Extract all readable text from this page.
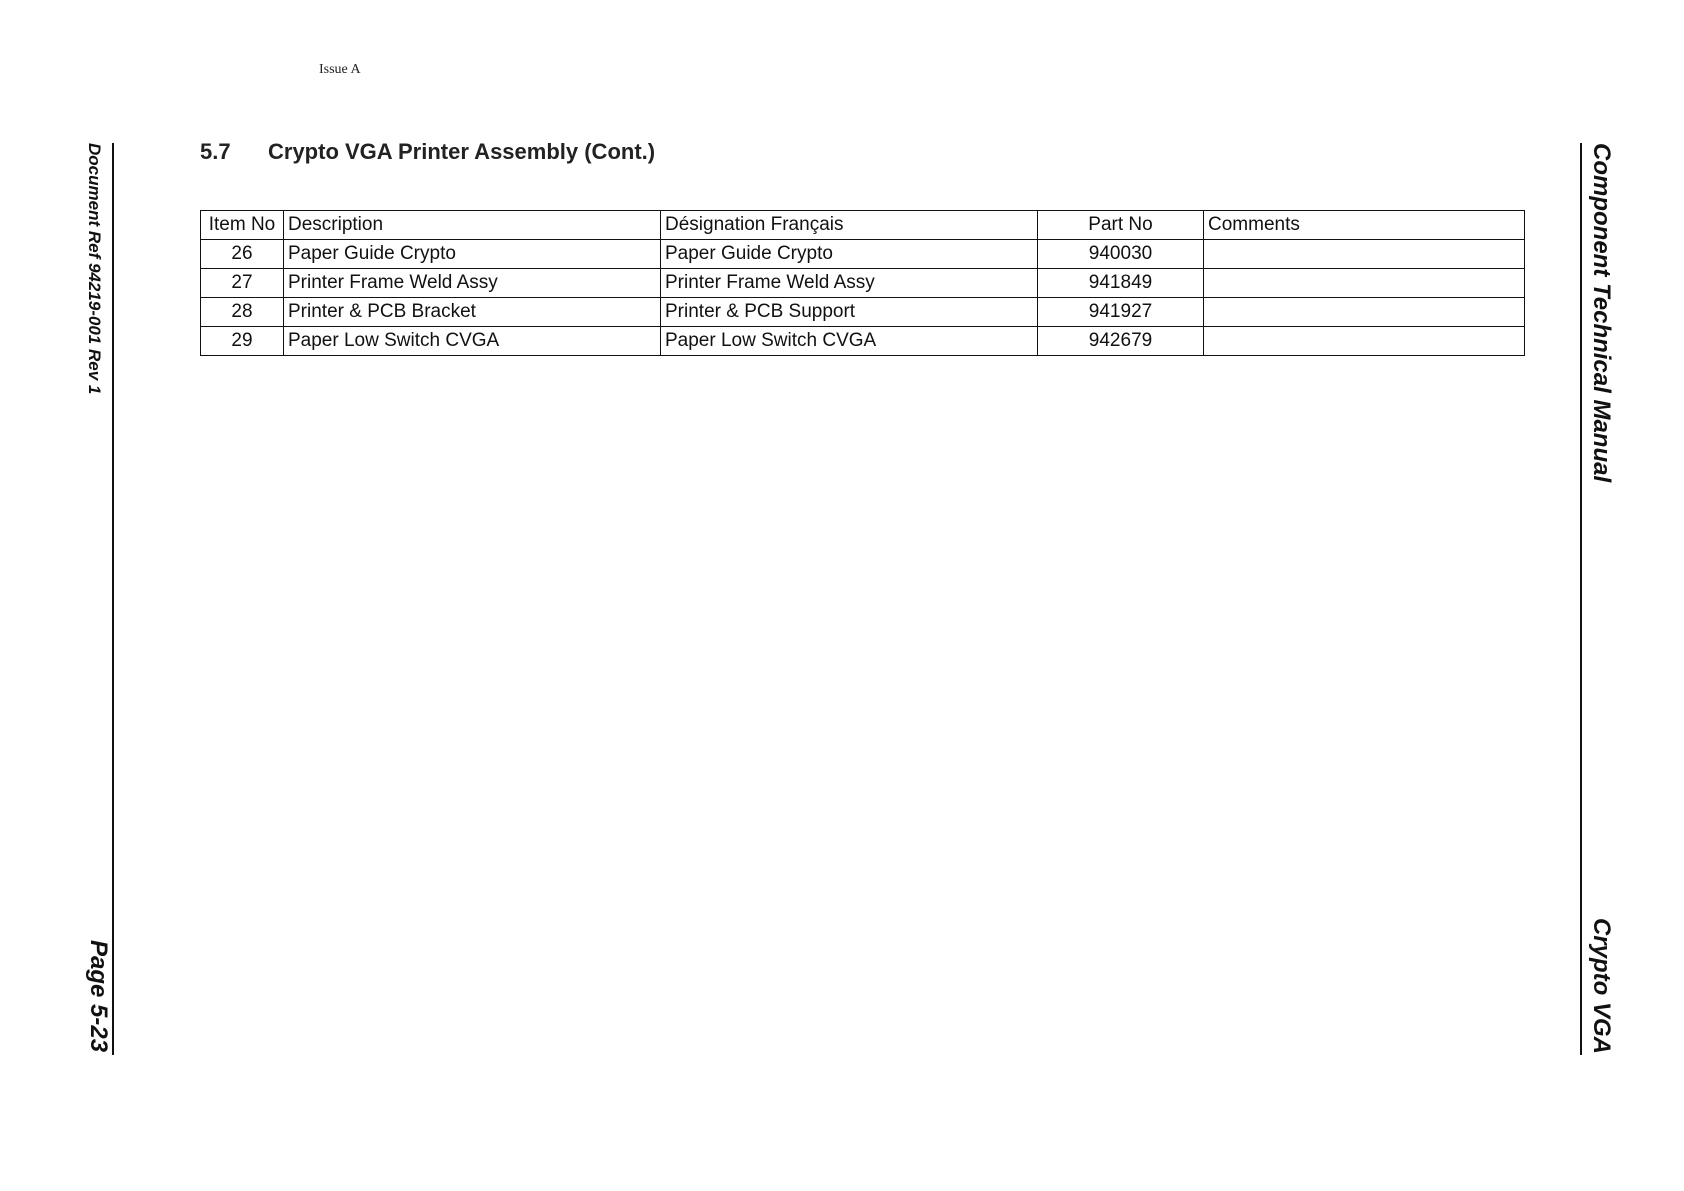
Issue A
Document Ref 94219-001 Rev 1
Page 5-23
Component Technical Manual
Crypto VGA
5.7	Crypto VGA Printer Assembly (Cont.)
Item No	Description	Désignation Français	Part No	Comments
26	Paper Guide Crypto	Paper Guide Crypto	940030	
27	Printer Frame Weld Assy	Printer Frame Weld Assy	941849	
28	Printer & PCB Bracket	Printer & PCB Support	941927	
29	Paper Low Switch CVGA	Paper Low Switch CVGA	942679	
